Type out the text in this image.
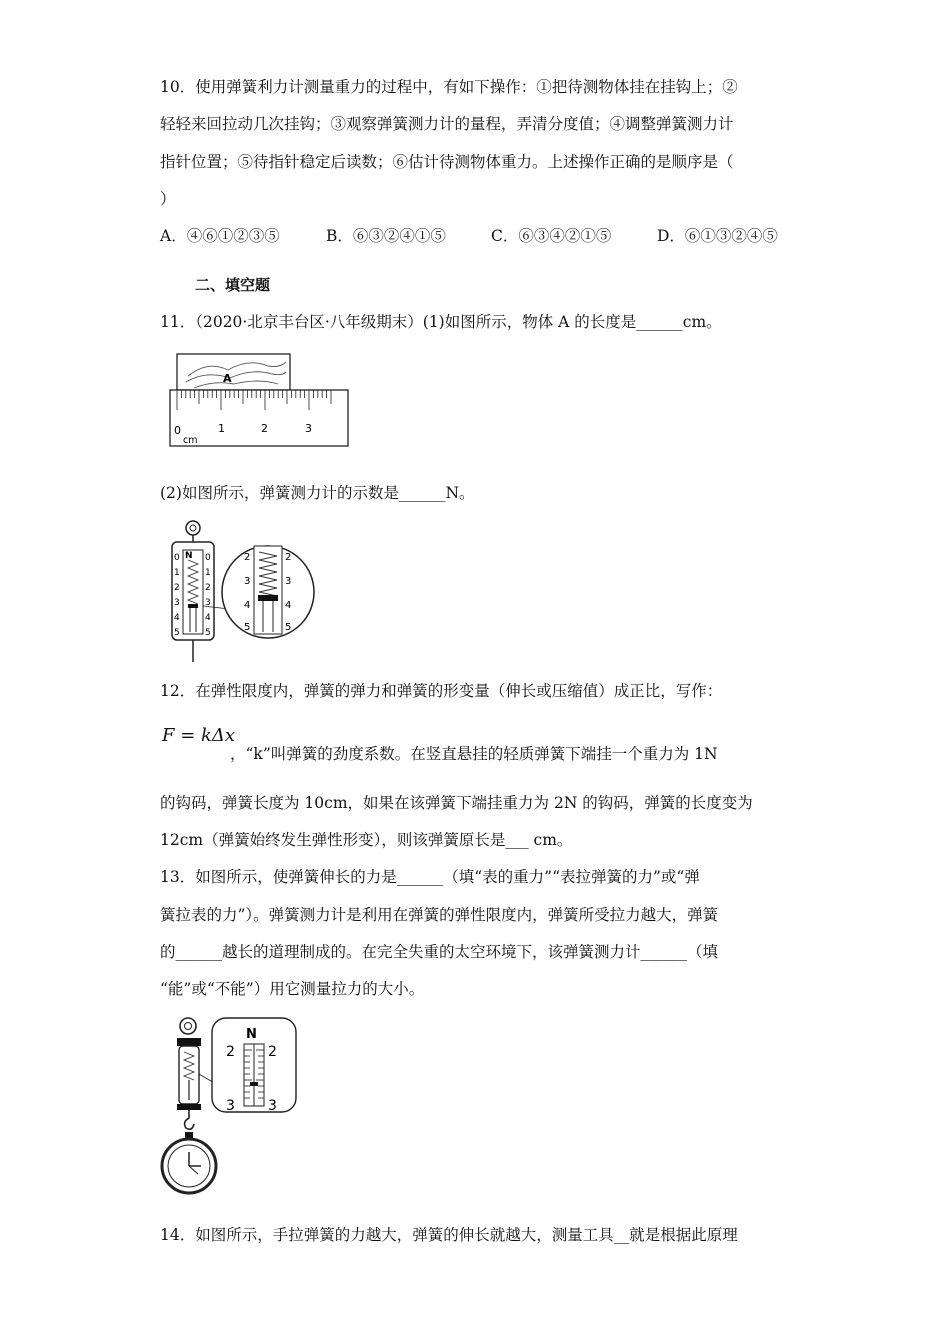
10．使用弹簧利力计测量重力的过程中，有如下操作：①把待测物体挂在挂钩上；②
轻轻来回拉动几次挂钩；③观察弹簧测力计的量程，弄清分度值；④调整弹簧测力计
指针位置；⑤待指针稳定后读数；⑥估计待测物体重力。上述操作正确的是顺序是（
）
A．④⑥①②③⑤	B．⑥③②④①⑤	C．⑥③④②①⑤	D．⑥①③②④⑤
二、填空题
11．（2020·北京丰台区·八年级期末）(1)如图所示，物体 A 的长度是______cm。
A
0	1	2	3
cm
(2)如图所示，弹簧测力计的示数是______N。
N
0
1
2
3
4
5
0
1
2
3
4
5
2
3
4
5
2
3
4
5
12．在弹性限度内，弹簧的弹力和弹簧的形变量（伸长或压缩值）成正比，写作：
F = kΔx
，“k”叫弹簧的劲度系数。在竖直悬挂的轻质弹簧下端挂一个重力为 1N
的钩码，弹簧长度为 10cm，如果在该弹簧下端挂重力为 2N 的钩码，弹簧的长度变为
12cm（弹簧始终发生弹性形变），则该弹簧原长是___ cm。
13．如图所示，使弹簧伸长的力是______（填“表的重力”“表拉弹簧的力”或“弹
簧拉表的力”）。弹簧测力计是利用在弹簧的弹性限度内，弹簧所受拉力越大，弹簧
的______越长的道理制成的。在完全失重的太空环境下，该弹簧测力计______（填
“能”或“不能”）用它测量拉力的大小。
N
2
3
2
3
14．如图所示，手拉弹簧的力越大，弹簧的伸长就越大，测量工具__就是根据此原理
